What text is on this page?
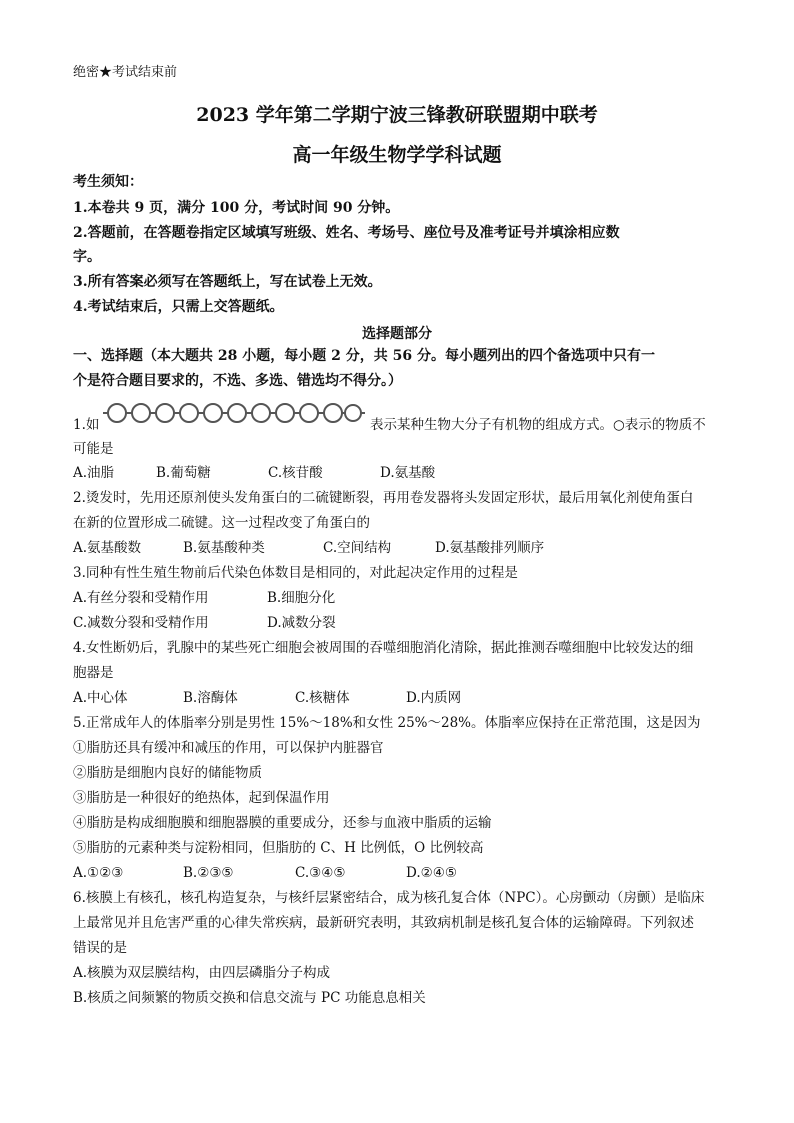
绝密★考试结束前
2023 学年第二学期宁波三锋教研联盟期中联考
高一年级生物学学科试题
考生须知：
1.本卷共 9 页，满分 100 分，考试时间 90 分钟。
2.答题前，在答题卷指定区域填写班级、姓名、考场号、座位号及准考证号并填涂相应数
字。
3.所有答案必须写在答题纸上，写在试卷上无效。
4.考试结束后，只需上交答题纸。
选择题部分
一、选择题（本大题共 28 小题，每小题 2 分，共 56 分。每小题列出的四个备选项中只有一
个是符合题目要求的，不选、多选、错选均不得分。）
1.如	表示某种生物大分子有机物的组成方式。○表示的物质不
可能是
A.油脂	B.葡萄糖	C.核苷酸	D.氨基酸
2.烫发时，先用还原剂使头发角蛋白的二硫键断裂，再用卷发器将头发固定形状，最后用氧化剂使角蛋白
在新的位置形成二硫键。这一过程改变了角蛋白的
A.氨基酸数	B.氨基酸种类	C.空间结构	D.氨基酸排列顺序
3.同种有性生殖生物前后代染色体数目是相同的，对此起决定作用的过程是
A.有丝分裂和受精作用	B.细胞分化
C.减数分裂和受精作用	D.减数分裂
4.女性断奶后，乳腺中的某些死亡细胞会被周围的吞噬细胞消化清除，据此推测吞噬细胞中比较发达的细
胞器是
A.中心体	B.溶酶体	C.核糖体	D.内质网
5.正常成年人的体脂率分别是男性 15%～18%和女性 25%～28%。体脂率应保持在正常范围，这是因为
①脂肪还具有缓冲和减压的作用，可以保护内脏器官
②脂肪是细胞内良好的储能物质
③脂肪是一种很好的绝热体，起到保温作用
④脂肪是构成细胞膜和细胞器膜的重要成分，还参与血液中脂质的运输
⑤脂肪的元素种类与淀粉相同，但脂肪的 C、H 比例低，O 比例较高
A.①②③	B.②③⑤	C.③④⑤	D.②④⑤
6.核膜上有核孔，核孔构造复杂，与核纤层紧密结合，成为核孔复合体（NPC）。心房颤动（房颤）是临床
上最常见并且危害严重的心律失常疾病，最新研究表明，其致病机制是核孔复合体的运输障碍。下列叙述
错误的是
A.核膜为双层膜结构，由四层磷脂分子构成
B.核质之间频繁的物质交换和信息交流与 PC 功能息息相关
